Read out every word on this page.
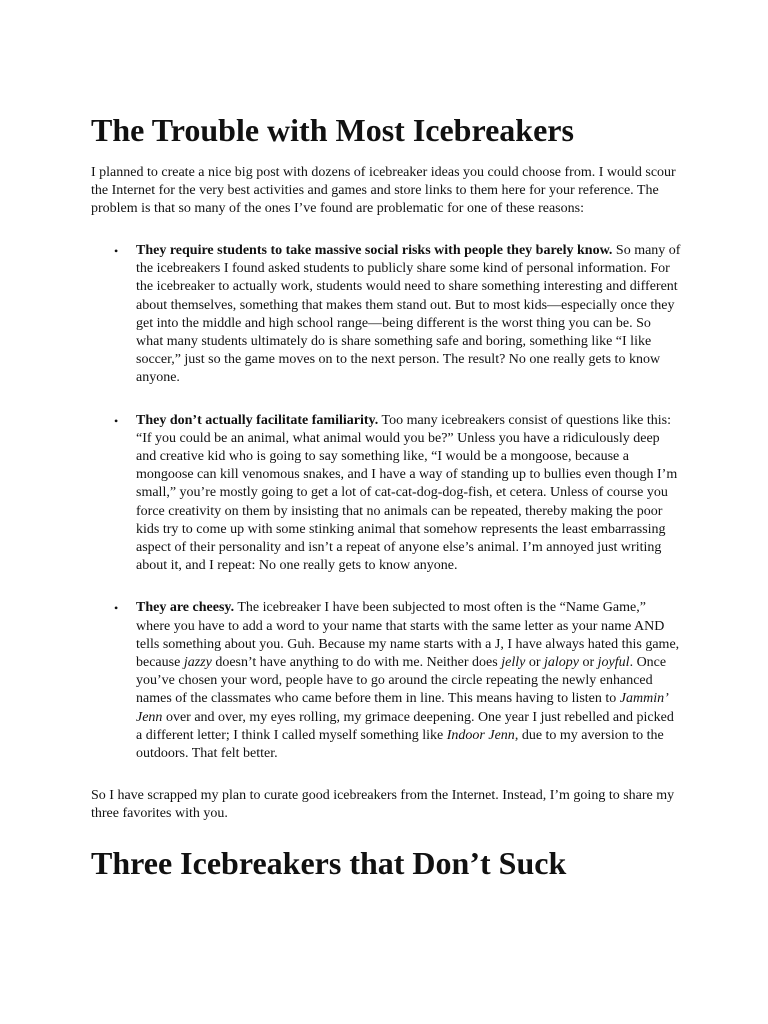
The Trouble with Most Icebreakers

I planned to create a nice big post with dozens of icebreaker ideas you could choose from. I would scour the Internet for the very best activities and games and store links to them here for your reference. The problem is that so many of the ones I’ve found are problematic for one of these reasons:

• They require students to take massive social risks with people they barely know. So many of the icebreakers I found asked students to publicly share some kind of personal information. For the icebreaker to actually work, students would need to share something interesting and different about themselves, something that makes them stand out. But to most kids—especially once they get into the middle and high school range—being different is the worst thing you can be. So what many students ultimately do is share something safe and boring, something like “I like soccer,” just so the game moves on to the next person. The result? No one really gets to know anyone.
• They don’t actually facilitate familiarity. Too many icebreakers consist of questions like this: “If you could be an animal, what animal would you be?” Unless you have a ridiculously deep and creative kid who is going to say something like, “I would be a mongoose, because a mongoose can kill venomous snakes, and I have a way of standing up to bullies even though I’m small,” you’re mostly going to get a lot of cat-cat-dog-dog-fish, et cetera. Unless of course you force creativity on them by insisting that no animals can be repeated, thereby making the poor kids try to come up with some stinking animal that somehow represents the least embarrassing aspect of their personality and isn’t a repeat of anyone else’s animal. I’m annoyed just writing about it, and I repeat: No one really gets to know anyone.
• They are cheesy. The icebreaker I have been subjected to most often is the “Name Game,” where you have to add a word to your name that starts with the same letter as your name AND tells something about you. Guh. Because my name starts with a J, I have always hated this game, because jazzy doesn’t have anything to do with me. Neither does jelly or jalopy or joyful. Once you’ve chosen your word, people have to go around the circle repeating the newly enhanced names of the classmates who came before them in line. This means having to listen to Jammin’ Jenn over and over, my eyes rolling, my grimace deepening. One year I just rebelled and picked a different letter; I think I called myself something like Indoor Jenn, due to my aversion to the outdoors. That felt better.

So I have scrapped my plan to curate good icebreakers from the Internet. Instead, I’m going to share my three favorites with you.

Three Icebreakers that Don’t Suck
